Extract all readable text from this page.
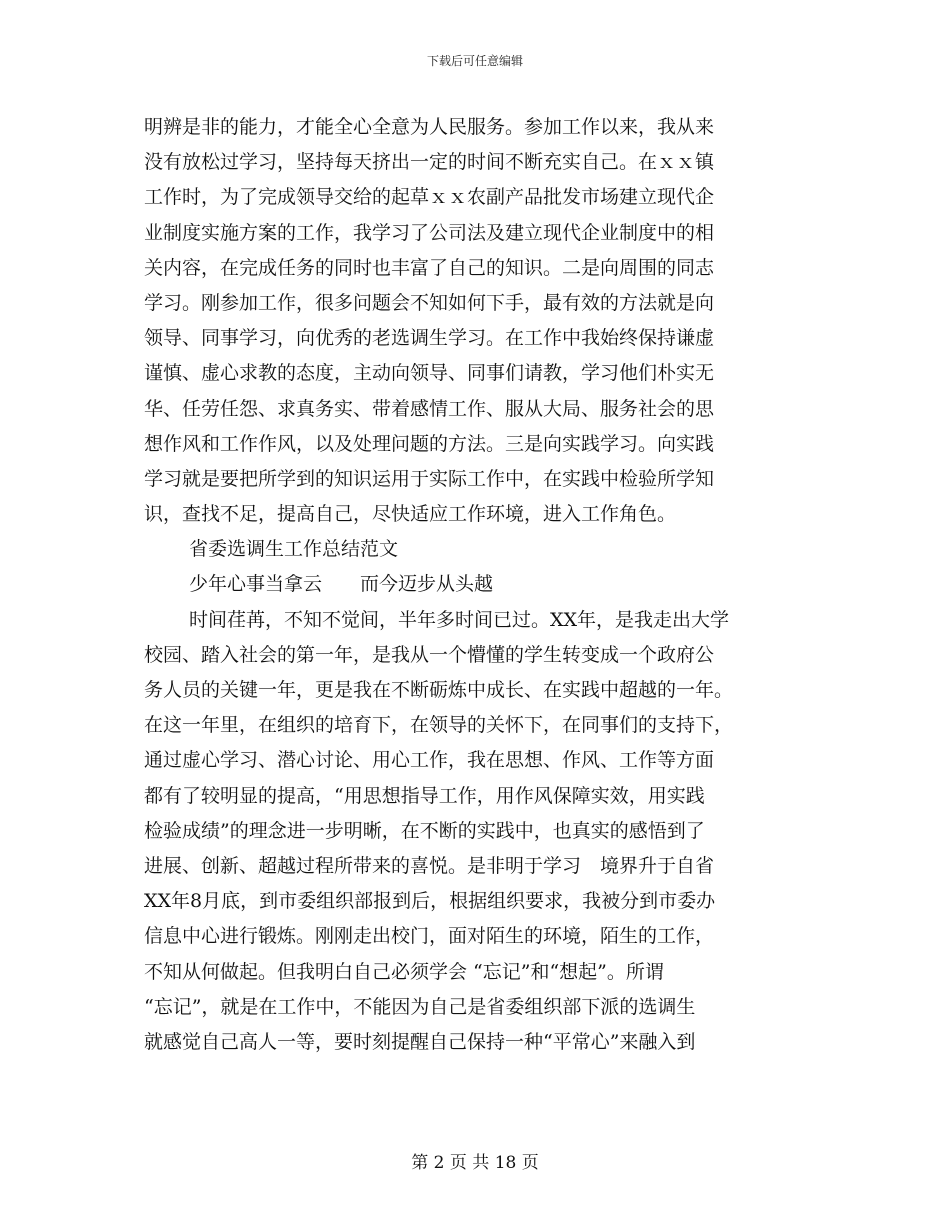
下载后可任意编辑
明辨是非的能力，才能全心全意为人民服务。参加工作以来，我从来
没有放松过学习，坚持每天挤出一定的时间不断充实自己。在ｘｘ镇
工作时，为了完成领导交给的起草ｘｘ农副产品批发市场建立现代企
业制度实施方案的工作，我学习了公司法及建立现代企业制度中的相
关内容，在完成任务的同时也丰富了自己的知识。二是向周围的同志
学习。刚参加工作，很多问题会不知如何下手，最有效的方法就是向
领导、同事学习，向优秀的老选调生学习。在工作中我始终保持谦虚
谨慎、虚心求教的态度，主动向领导、同事们请教，学习他们朴实无
华、任劳任怨、求真务实、带着感情工作、服从大局、服务社会的思
想作风和工作作风，以及处理问题的方法。三是向实践学习。向实践
学习就是要把所学到的知识运用于实际工作中，在实践中检验所学知
识，查找不足，提高自己，尽快适应工作环境，进入工作角色。
省委选调生工作总结范文
少年心事当拿云　　而今迈步从头越
时间荏苒，不知不觉间，半年多时间已过。XX年，是我走出大学
校园、踏入社会的第一年，是我从一个懵懂的学生转变成一个政府公
务人员的关键一年，更是我在不断砺炼中成长、在实践中超越的一年。
在这一年里，在组织的培育下，在领导的关怀下，在同事们的支持下，
通过虚心学习、潜心讨论、用心工作，我在思想、作风、工作等方面
都有了较明显的提高，“用思想指导工作，用作风保障实效，用实践
检验成绩”的理念进一步明晰，在不断的实践中，也真实的感悟到了
进展、创新、超越过程所带来的喜悦。是非明于学习　境界升于自省
XX年8月底，到市委组织部报到后，根据组织要求，我被分到市委办
信息中心进行锻炼。刚刚走出校门，面对陌生的环境，陌生的工作，
不知从何做起。但我明白自己必须学会 “忘记”和“想起”。所谓
“忘记”，就是在工作中，不能因为自己是省委组织部下派的选调生
就感觉自己高人一等，要时刻提醒自己保持一种“平常心”来融入到
第 2 页 共 18 页
